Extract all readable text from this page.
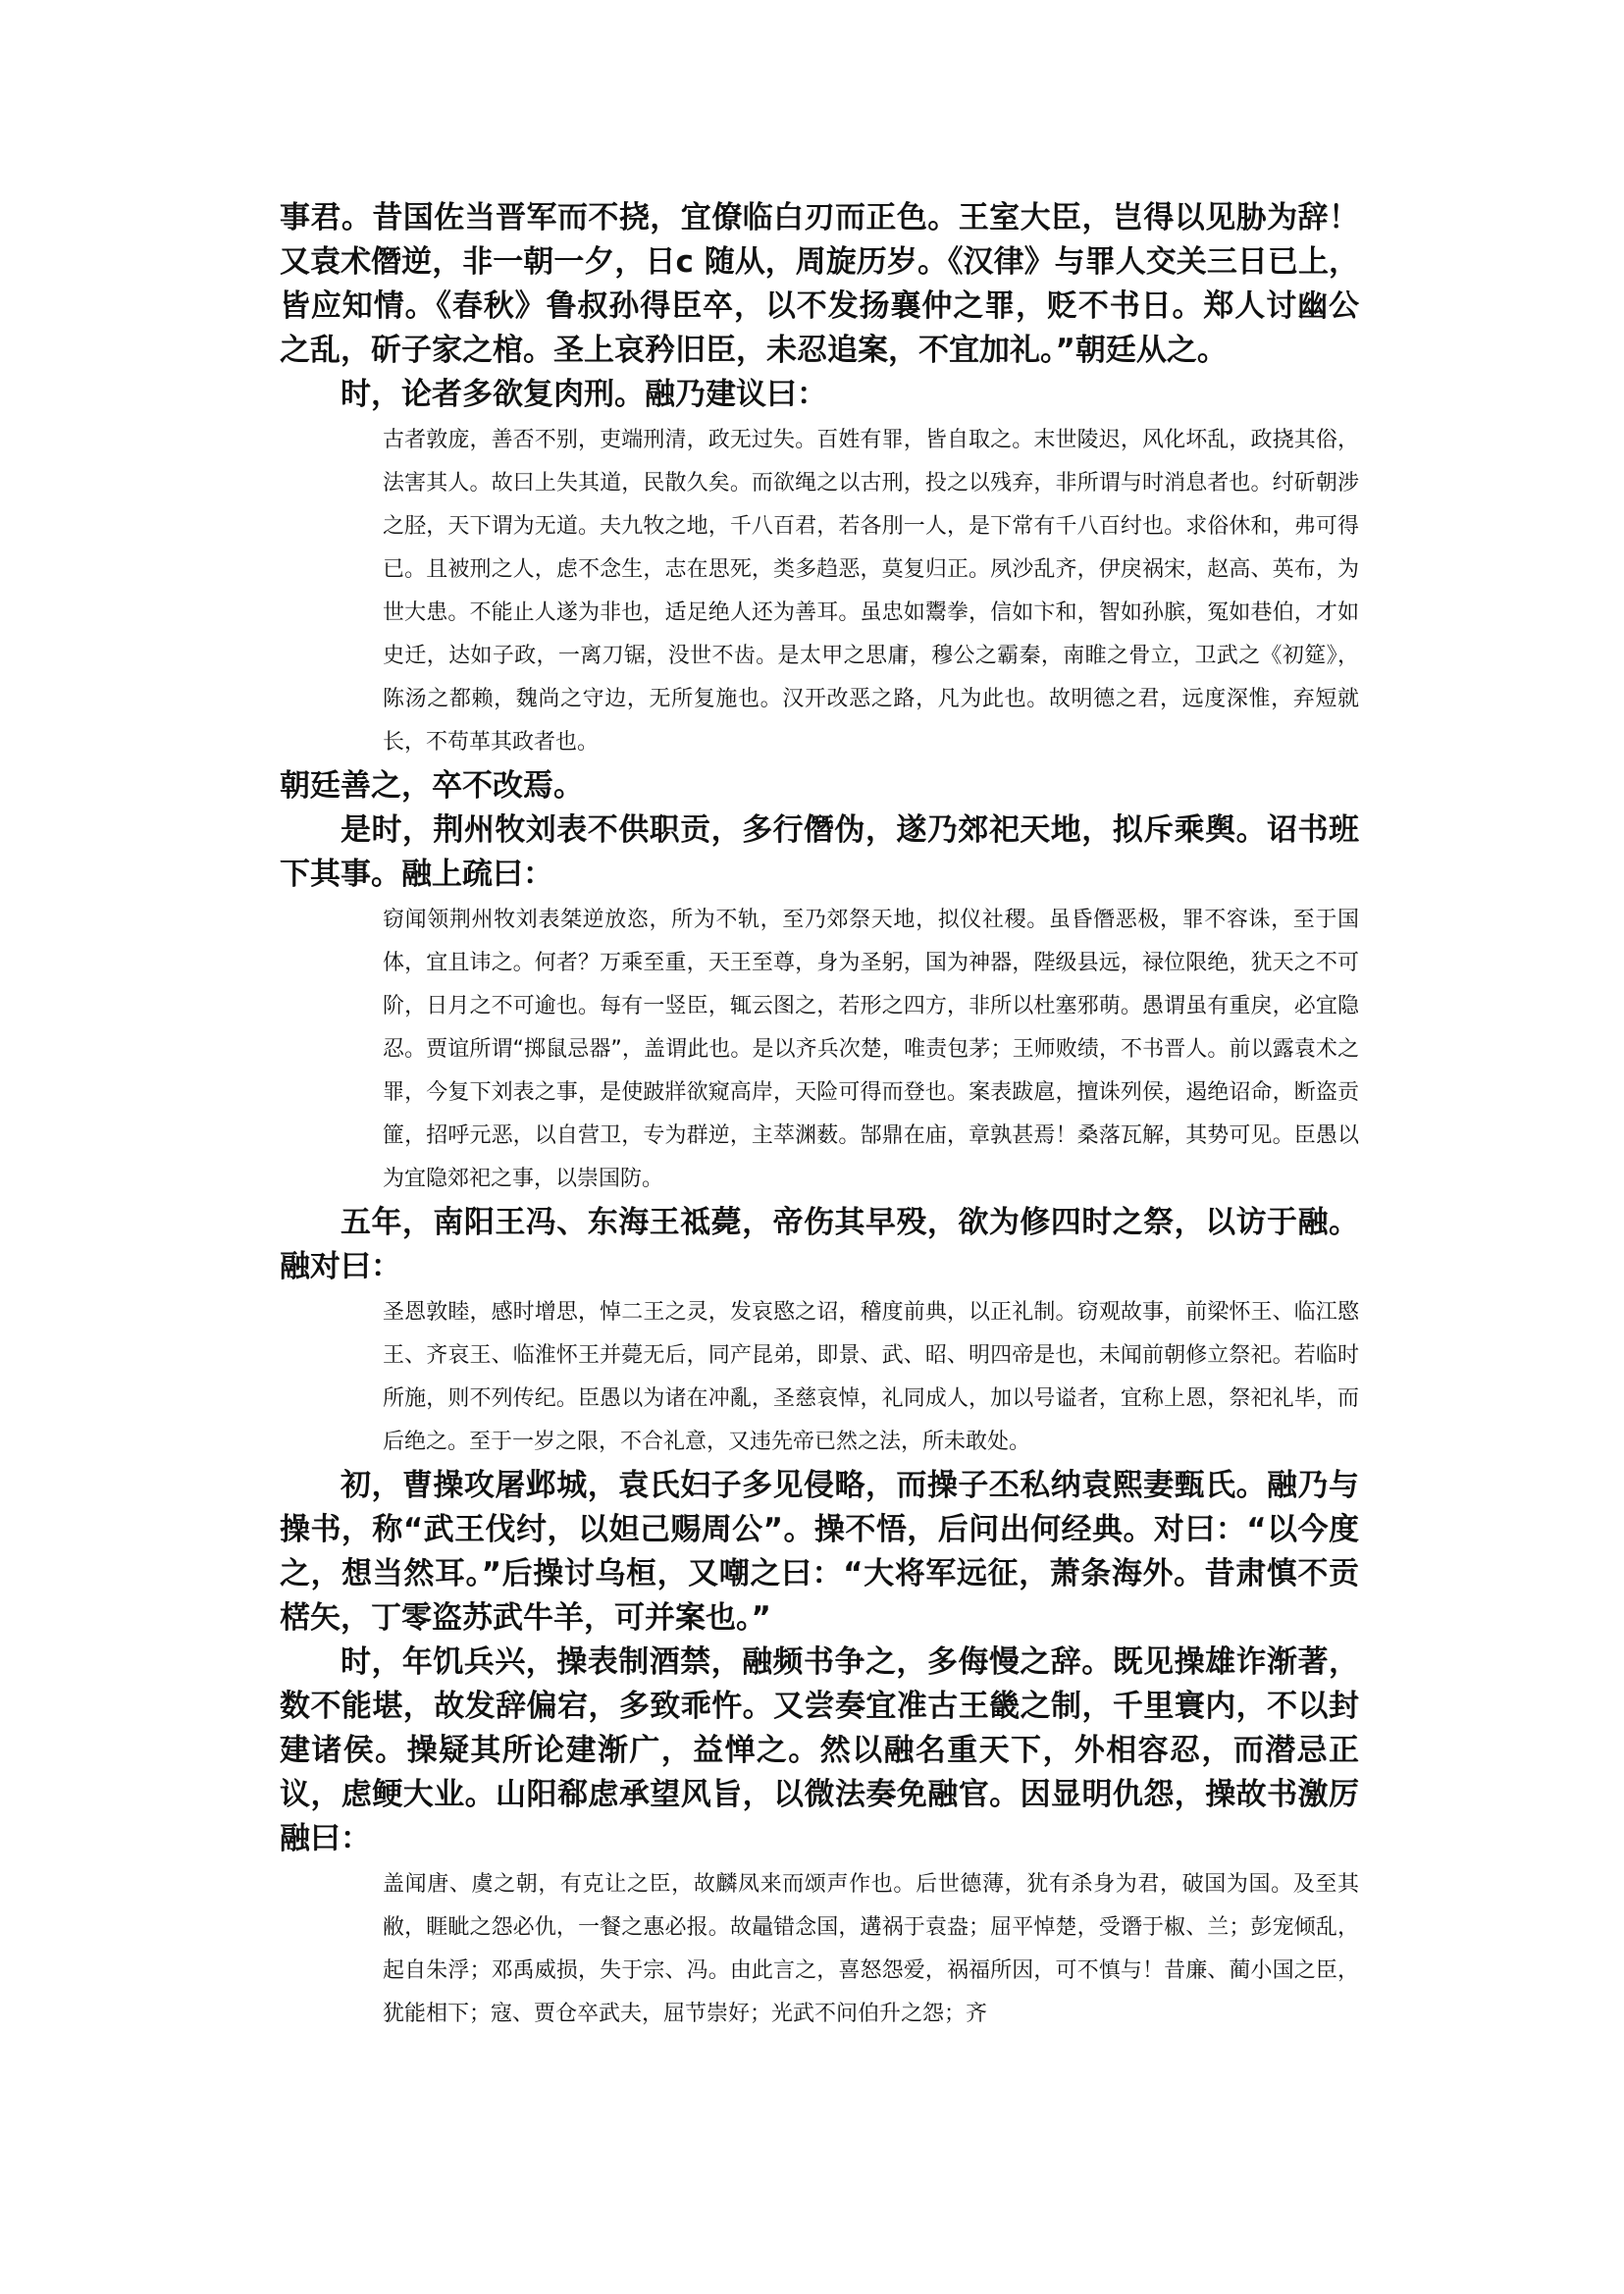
事君。昔国佐当晋军而不挠，宜僚临白刃而正色。王室大臣，岂得以见胁为辞！又袁术僭逆，非一朝一夕，日c 随从，周旋历岁。《汉律》与罪人交关三日已上，皆应知情。《春秋》鲁叔孙得臣卒，以不发扬襄仲之罪，贬不书日。郑人讨幽公之乱，斫子家之棺。圣上哀矜旧臣，未忍追案，不宜加礼。”朝廷从之。

时，论者多欲复肉刑。融乃建议曰：

古者敦庞，善否不别，吏端刑清，政无过失。百姓有罪，皆自取之。末世陵迟，风化坏乱，政挠其俗，法害其人。故曰上失其道，民散久矣。而欲绳之以古刑，投之以残弃，非所谓与时消息者也。纣斫朝涉之胫，天下谓为无道。夫九牧之地，千八百君，若各刖一人，是下常有千八百纣也。求俗休和，弗可得已。且被刑之人，虑不念生，志在思死，类多趋恶，莫复归正。夙沙乱齐，伊戾祸宋，赵高、英布，为世大患。不能止人遂为非也，适足绝人还为善耳。虽忠如鬻拳，信如卞和，智如孙膑，冤如巷伯，才如史迁，达如子政，一离刀锯，没世不齿。是太甲之思庸，穆公之霸秦，南睢之骨立，卫武之《初筵》，陈汤之都赖，魏尚之守边，无所复施也。汉开改恶之路，凡为此也。故明德之君，远度深惟，弃短就长，不苟革其政者也。

朝廷善之，卒不改焉。

是时，荆州牧刘表不供职贡，多行僭伪，遂乃郊祀天地，拟斥乘舆。诏书班下其事。融上疏曰：

窃闻领荆州牧刘表桀逆放恣，所为不轨，至乃郊祭天地，拟仪社稷。虽昏僭恶极，罪不容诛，至于国体，宜且讳之。何者？万乘至重，天王至尊，身为圣躬，国为神器，陛级县远，禄位限绝，犹天之不可阶，日月之不可逾也。每有一竖臣，辄云图之，若形之四方，非所以杜塞邪萌。愚谓虽有重戾，必宜隐忍。贾谊所谓“掷鼠忌器”，盖谓此也。是以齐兵次楚，唯责包茅；王师败绩，不书晋人。前以露袁术之罪，今复下刘表之事，是使跛牂欲窥高岸，天险可得而登也。案表跋扈，擅诛列侯，遏绝诏命，断盗贡篚，招呼元恶，以自营卫，专为群逆，主萃渊薮。郜鼎在庙，章孰甚焉！桑落瓦解，其势可见。臣愚以为宜隐郊祀之事，以崇国防。

五年，南阳王冯、东海王祗薨，帝伤其早殁，欲为修四时之祭，以访于融。融对曰：

圣恩敦睦，感时增思，悼二王之灵，发哀愍之诏，稽度前典，以正礼制。窃观故事，前梁怀王、临江愍王、齐哀王、临淮怀王并薨无后，同产昆弟，即景、武、昭、明四帝是也，未闻前朝修立祭祀。若临时所施，则不列传纪。臣愚以为诸在冲亂，圣慈哀悼，礼同成人，加以号谥者，宜称上恩，祭祀礼毕，而后绝之。至于一岁之限，不合礼意，又违先帝已然之法，所未敢处。

初，曹操攻屠邺城，袁氏妇子多见侵略，而操子丕私纳袁熙妻甄氏。融乃与操书，称“武王伐纣，以妲己赐周公”。操不悟，后问出何经典。对曰：“以今度之，想当然耳。”后操讨乌桓，又嘲之曰：“大将军远征，萧条海外。昔肃慎不贡楛矢，丁零盗苏武牛羊，可并案也。”

时，年饥兵兴，操表制酒禁，融频书争之，多侮慢之辞。既见操雄诈渐著，数不能堪，故发辞偏宕，多致乖忤。又尝奏宜准古王畿之制，千里寰内，不以封建诸侯。操疑其所论建渐广，益惮之。然以融名重天下，外相容忍，而潜忌正议，虑鲠大业。山阳郗虑承望风旨，以微法奏免融官。因显明仇怨，操故书激厉融曰：

盖闻唐、虞之朝，有克让之臣，故麟凤来而颂声作也。后世德薄，犹有杀身为君，破国为国。及至其敝，睚眦之怨必仇，一餐之惠必报。故鼂错念国，遘祸于袁盎；屈平悼楚，受谮于椒、兰；彭宠倾乱，起自朱浮；邓禹威损，失于宗、冯。由此言之，喜怒怨爱，祸福所因，可不慎与！昔廉、蔺小国之臣，犹能相下；寇、贾仓卒武夫，屈节崇好；光武不问伯升之怨；齐
